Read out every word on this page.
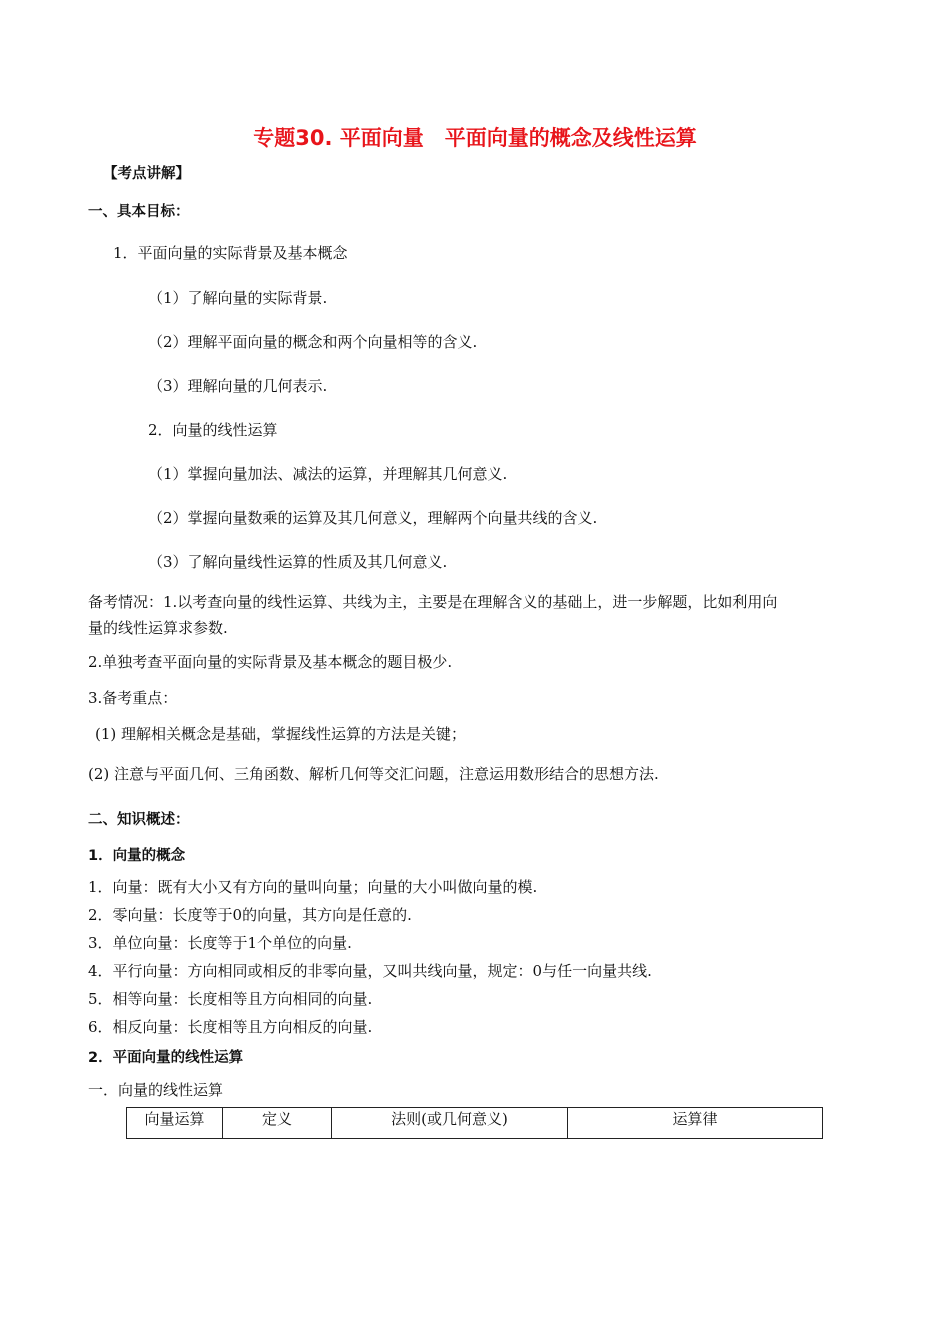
专题30. 平面向量　平面向量的概念及线性运算
【考点讲解】
一、具本目标：
1．平面向量的实际背景及基本概念
（1）了解向量的实际背景.
（2）理解平面向量的概念和两个向量相等的含义.
（3）理解向量的几何表示.
2．向量的线性运算
（1）掌握向量加法、减法的运算，并理解其几何意义.
（2）掌握向量数乘的运算及其几何意义，理解两个向量共线的含义.
（3）了解向量线性运算的性质及其几何意义.
备考情况：1.以考查向量的线性运算、共线为主，主要是在理解含义的基础上，进一步解题，比如利用向
量的线性运算求参数.
2.单独考查平面向量的实际背景及基本概念的题目极少.
3.备考重点：
(1) 理解相关概念是基础，掌握线性运算的方法是关键；
(2) 注意与平面几何、三角函数、解析几何等交汇问题，注意运用数形结合的思想方法.
二、知识概述：
1．向量的概念
1．向量：既有大小又有方向的量叫向量；向量的大小叫做向量的模.
2．零向量：长度等于0的向量，其方向是任意的.
3．单位向量：长度等于1个单位的向量.
4．平行向量：方向相同或相反的非零向量，又叫共线向量，规定：0与任一向量共线.
5．相等向量：长度相等且方向相同的向量.
6．相反向量：长度相等且方向相反的向量.
2．平面向量的线性运算
一．向量的线性运算
向量运算	定义	法则(或几何意义)	运算律
